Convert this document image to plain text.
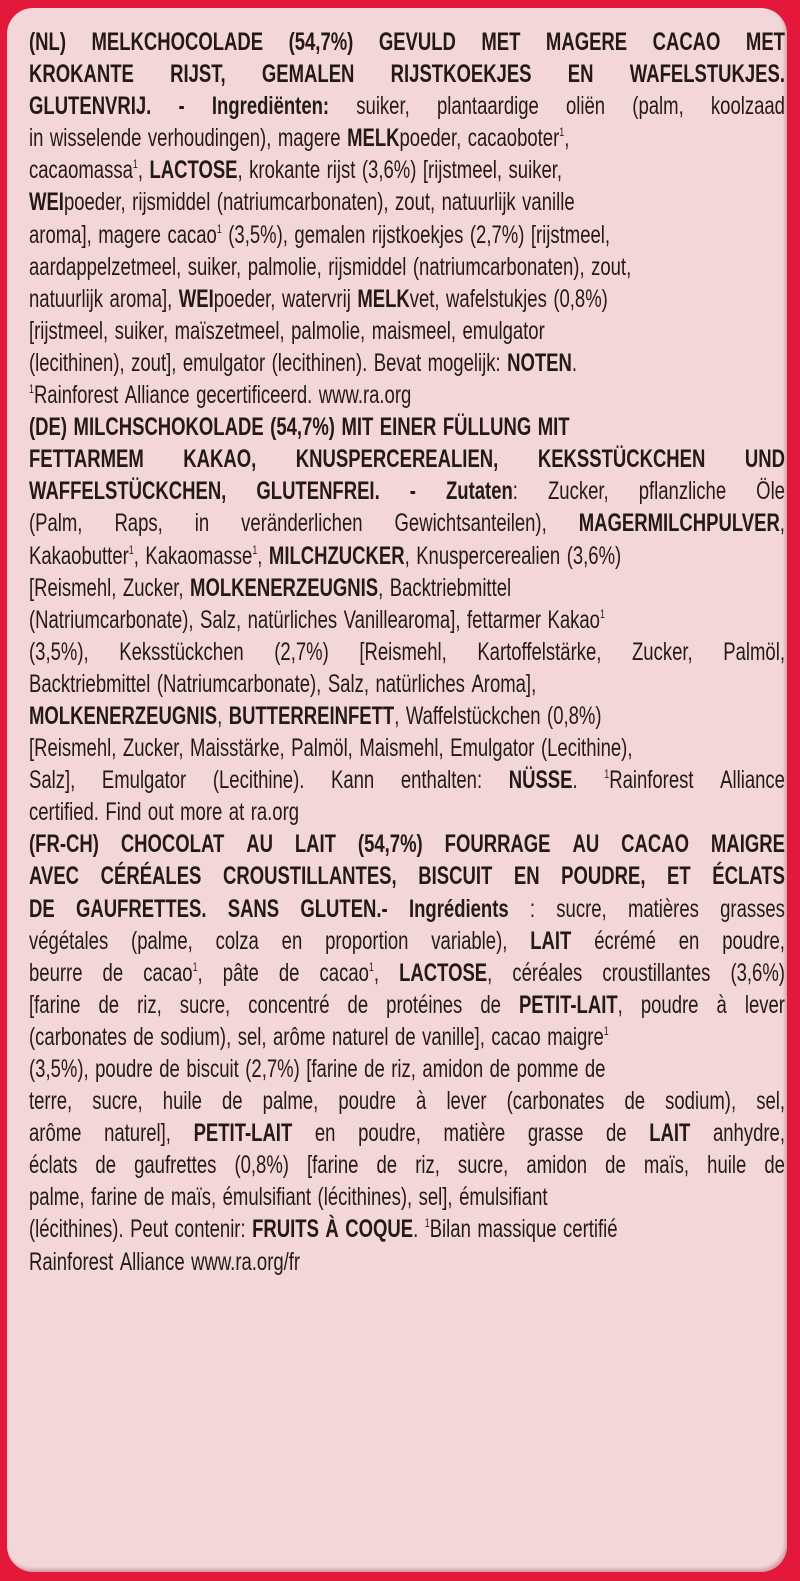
(NL) MELKCHOCOLADE (54,7%) GEVULD MET MAGERE CACAO MET
KROKANTE RIJST, GEMALEN RIJSTKOEKJES EN WAFELSTUKJES.
GLUTENVRIJ. - Ingrediënten: suiker, plantaardige oliën (palm, koolzaad
in wisselende verhoudingen), magere MELKpoeder, cacaoboter$^1$,
cacaomassa$^1$, LACTOSE, krokante rijst (3,6%) [rijstmeel, suiker,
WEIpoeder, rijsmiddel (natriumcarbonaten), zout, natuurlijk vanille
aroma], magere cacao$^1$ (3,5%), gemalen rijstkoekjes (2,7%) [rijstmeel,
aardappelzetmeel, suiker, palmolie, rijsmiddel (natriumcarbonaten), zout,
natuurlijk aroma], WEIpoeder, watervrij MELKvet, wafelstukjes (0,8%)
[rijstmeel, suiker, maïszetmeel, palmolie, maismeel, emulgator
(lecithinen), zout], emulgator (lecithinen). Bevat mogelijk: NOTEN.
$^1$Rainforest Alliance gecertificeerd. www.ra.org
(DE) MILCHSCHOKOLADE (54,7%) MIT EINER FÜLLUNG MIT
FETTARMEM KAKAO, KNUSPERCEREALIEN, KEKSSTÜCKCHEN UND
WAFFELSTÜCKCHEN, GLUTENFREI. - Zutaten: Zucker, pflanzliche Öle
(Palm, Raps, in veränderlichen Gewichtsanteilen), MAGERMILCHPULVER,
Kakaobutter$^1$, Kakaomasse$^1$, MILCHZUCKER, Knuspercerealien (3,6%)
[Reismehl, Zucker, MOLKENERZEUGNIS, Backtriebmittel
(Natriumcarbonate), Salz, natürliches Vanillearoma], fettarmer Kakao$^1$
(3,5%), Keksstückchen (2,7%) [Reismehl, Kartoffelstärke, Zucker, Palmöl,
Backtriebmittel (Natriumcarbonate), Salz, natürliches Aroma],
MOLKENERZEUGNIS, BUTTERREINFETT, Waffelstückchen (0,8%)
[Reismehl, Zucker, Maisstärke, Palmöl, Maismehl, Emulgator (Lecithine),
Salz], Emulgator (Lecithine). Kann enthalten: NÜSSE. $^1$Rainforest Alliance
certified. Find out more at ra.org
(FR-CH) CHOCOLAT AU LAIT (54,7%) FOURRAGE AU CACAO MAIGRE
AVEC CÉRÉALES CROUSTILLANTES, BISCUIT EN POUDRE, ET ÉCLATS
DE GAUFRETTES. SANS GLUTEN.- Ingrédients : sucre, matières grasses
végétales (palme, colza en proportion variable), LAIT écrémé en poudre,
beurre de cacao$^1$, pâte de cacao$^1$, LACTOSE, céréales croustillantes (3,6%)
[farine de riz, sucre, concentré de protéines de PETIT-LAIT, poudre à lever
(carbonates de sodium), sel, arôme naturel de vanille], cacao maigre$^1$
(3,5%), poudre de biscuit (2,7%) [farine de riz, amidon de pomme de
terre, sucre, huile de palme, poudre à lever (carbonates de sodium), sel,
arôme naturel], PETIT-LAIT en poudre, matière grasse de LAIT anhydre,
éclats de gaufrettes (0,8%) [farine de riz, sucre, amidon de maïs, huile de
palme, farine de maïs, émulsifiant (lécithines), sel], émulsifiant
(lécithines). Peut contenir: FRUITS À COQUE. $^1$Bilan massique certifié
Rainforest Alliance www.ra.org/fr
